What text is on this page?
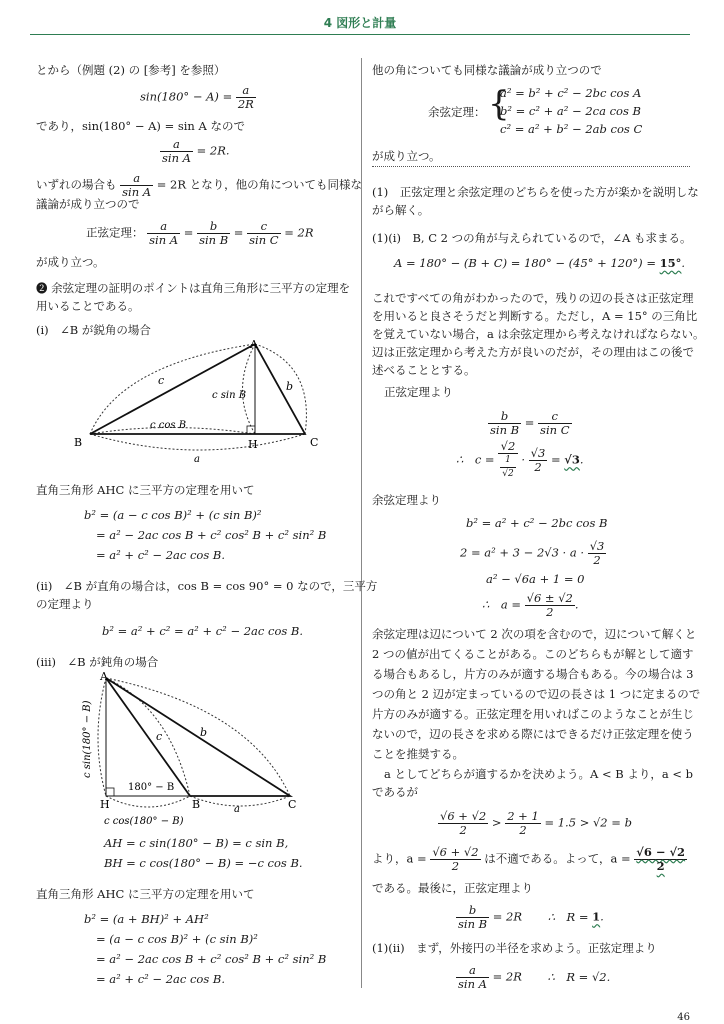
4 図形と計量
とから（例題 (2) の [参考] を参照）
$\sin(180^\circ - A) = \frac{a}{2R}$
であり，sin(180° − A) = sin A なので
$\frac{a}{\text{sin A}} = 2R$.
いずれの場合も $\frac{a}{\text{sin A}} = 2R$ となり，他の角についても同様な
議論が成り立つので
正弦定理： $\frac{a}{\text{sin A}} = \frac{b}{\text{sin B}} = \frac{c}{\text{sin C}} = 2R$
が成り立つ。
❷ 余弦定理の証明のポイントは直角三角形に三平方の定理を
用いることである。
(i)　∠B が鋭角の場合
A
B	H	C
c	b
c sin B
c cos B
a
直角三角形 AHC に三平方の定理を用いて
b² = (a − c cos B)² + (c sin B)²
= a² − 2ac cos B + c² cos² B + c² sin² B
= a² + c² − 2ac cos B.
(ii)　∠B が直角の場合は，cos B = cos 90° = 0 なので，三平方
の定理より
b² = a² + c² = a² + c² − 2ac cos B.
(iii)　∠B が鈍角の場合
A
H	B	C
c	b
a
180° − B
c sin(180° − B)
c cos(180° − B)
AH = c sin(180° − B) = c sin B,
BH = c cos(180° − B) = −c cos B.
直角三角形 AHC に三平方の定理を用いて
b² = (a + BH)² + AH²
= (a − c cos B)² + (c sin B)²
= a² − 2ac cos B + c² cos² B + c² sin² B
= a² + c² − 2ac cos B.
他の角についても同様な議論が成り立つので
余弦定理： {
a² = b² + c² − 2bc cos A
b² = c² + a² − 2ca cos B
c² = a² + b² − 2ab cos C
が成り立つ。
(1)　正弦定理と余弦定理のどちらを使った方が楽かを説明しな
がら解く。
(1)(i)　B, C 2 つの角が与えられているので，∠A も求まる。
A = 180° − (B + C) = 180° − (45° + 120°) = 15°.
これですべての角がわかったので，残りの辺の長さは正弦定理
を用いると良さそうだと判断する。ただし，A = 15° の三角比
を覚えていない場合，a は余弦定理から考えなければならない。
辺は正弦定理から考えた方が良いのだが，その理由はこの後で
述べることとする。
正弦定理より
$\frac{b}{\text{sin B}} = \frac{c}{\text{sin C}}$
∴　$c = \frac{√2}{\frac{1}{√2}} \cdot \frac{√3}{2} = √3$.
余弦定理より
b² = a² + c² − 2bc cos B
$2 = a^2 + 3 - 2√3 \cdot a \cdot \frac{√3}{2}$
a² − √6a + 1 = 0
∴　$a = \frac{√6 \pm √2}{2}$ .
余弦定理は辺について 2 次の項を含むので，辺について解くと
2 つの値が出てくることがある。このどちらもが解として適す
る場合もあるし，片方のみが適する場合もある。今の場合は 3
つの角と 2 辺が定まっているので辺の長さは 1 つに定まるので
片方のみが適する。正弦定理を用いればこのようなことが生じ
ないので，辺の長さを求める際にはできるだけ正弦定理を使う
ことを推奨する。
a としてどちらが適するかを決めよう。A < B より，a < b
であるが
$\frac{√6 + √2}{2} > \frac{2 + 1}{2} = 1.5 > √2 = b$
より，$a = \frac{√6 + √2}{2}$ は不適である。よって，$a = \frac{√6 - √2}{2}$
である。最後に，正弦定理より
$\frac{b}{\text{sin B}} = 2R$ ∴　R = 1.
(1)(ii)　まず，外接円の半径を求めよう。正弦定理より
$\frac{a}{\text{sin A}} = 2R$ ∴　R = √2.
46
